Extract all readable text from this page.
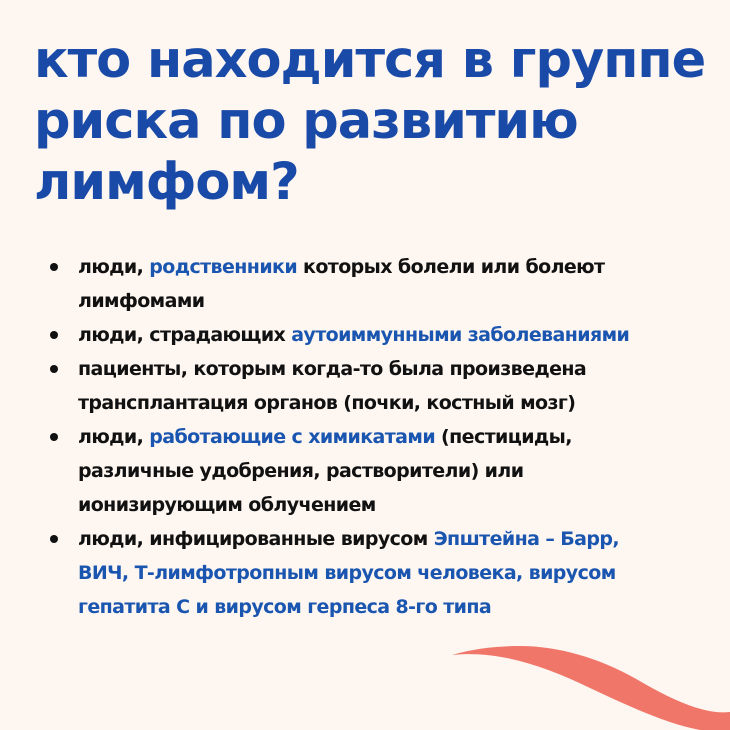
кто находится в группе
риска по развитию
лимфом?
люди, родственники которых болели или болеют
лимфомами
люди, страдающих аутоиммунными заболеваниями
пациенты, которым когда-то была произведена
трансплантация органов (почки, костный мозг)
люди, работающие с химикатами (пестициды,
различные удобрения, растворители) или
ионизирующим облучением
люди, инфицированные вирусом Эпштейна – Барр,
ВИЧ, Т-лимфотропным вирусом человека, вирусом
гепатита С и вирусом герпеса 8-го типа
